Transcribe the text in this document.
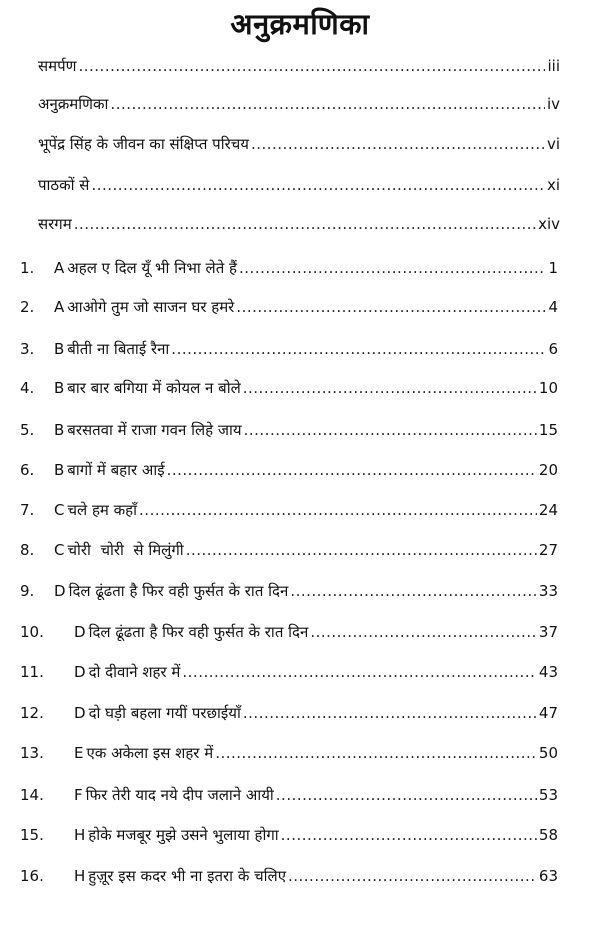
अनुक्रमणिका
समर्पण .....	iii
अनुक्रमणिका .....	iv
भूपेंद्र सिंह के जीवन का संक्षिप्त परिचय .....	vi
पाठकों से .....	xi
सरगम .....	xiv
1.	A अहल ए दिल यूँ भी निभा लेते हैं .....	1
2.	A आओगे तुम जो साजन घर हमरे .....	4
3.	B बीती ना बिताई रैना .....	6
4.	B बार बार बगिया में कोयल न बोले .....	10
5.	B बरसतवा में राजा गवन लिहे जाय .....	15
6.	B बागों में बहार आई .....	20
7.	C चले हम कहाँ .....	24
8.	C चोरी  चोरी  से मिलुंगी .....	27
9.	D दिल ढूंढता है फिर वही फुर्सत के रात दिन .....	33
10.	D दिल ढूंढता है फिर वही फुर्सत के रात दिन .....	37
11.	D दो दीवाने शहर में .....	43
12.	D दो घड़ी बहला गयीं परछाईयाँ .....	47
13.	E एक अकेला इस शहर में .....	50
14.	F फिर तेरी याद नये दीप जलाने आयी .....	53
15.	H होके मजबूर मुझे उसने भुलाया होगा .....	58
16.	H हुज़ूर इस कदर भी ना इतरा के चलिए .....	63
